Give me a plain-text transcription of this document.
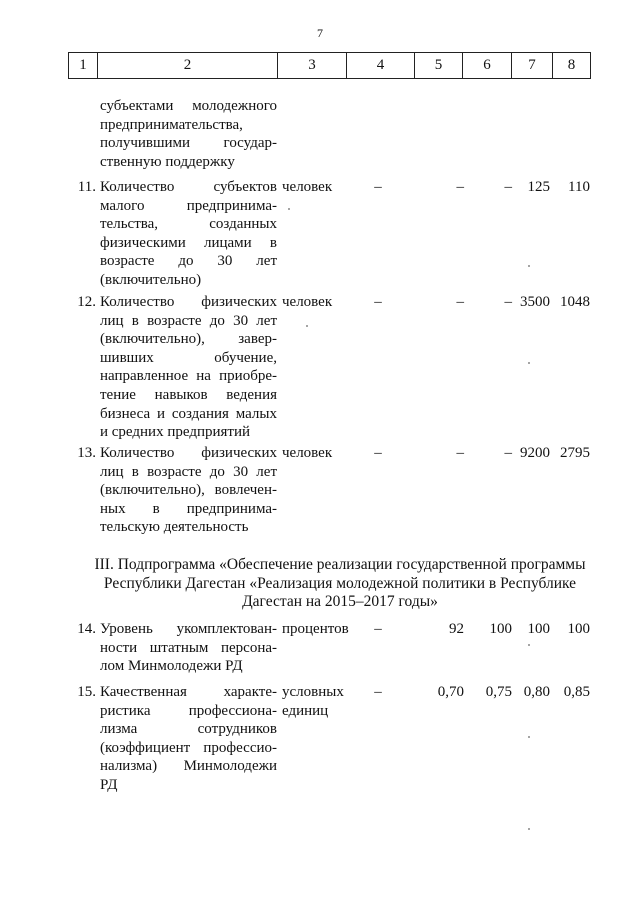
7
1	2	3	4	5	6	7	8
субъектами молодежного
предпринимательства,
получившими государ-
ственную поддержку
11. Количество субъектов
малого предпринима-
тельства, созданных
физическими лицами в
возрасте до 30 лет
(включительно)
человек	–	–	–	125	110
12. Количество физических
лиц в возрасте до 30 лет
(включительно), завер-
шивших обучение,
направленное на приобре-
тение навыков ведения
бизнеса и создания малых
и средних предприятий
человек	–	–	– 3500 1048
13. Количество физических
лиц в возрасте до 30 лет
(включительно), вовлечен-
ных в предпринима-
тельскую деятельность
человек	–	–	– 9200 2795
III. Подпрограмма «Обеспечение реализации государственной программы
Республики Дагестан «Реализация молодежной политики в Республике
Дагестан на 2015–2017 годы»
14. Уровень укомплектован-
ности штатным персона-
лом Минмолодежи РД
процентов	–	92	100	100	100
15. Качественная характе-
ристика профессиона-
лизма сотрудников
(коэффициент профессио-
нализма) Минмолодежи
РД
условных
единиц
–	0,70	0,75 0,80 0,85
